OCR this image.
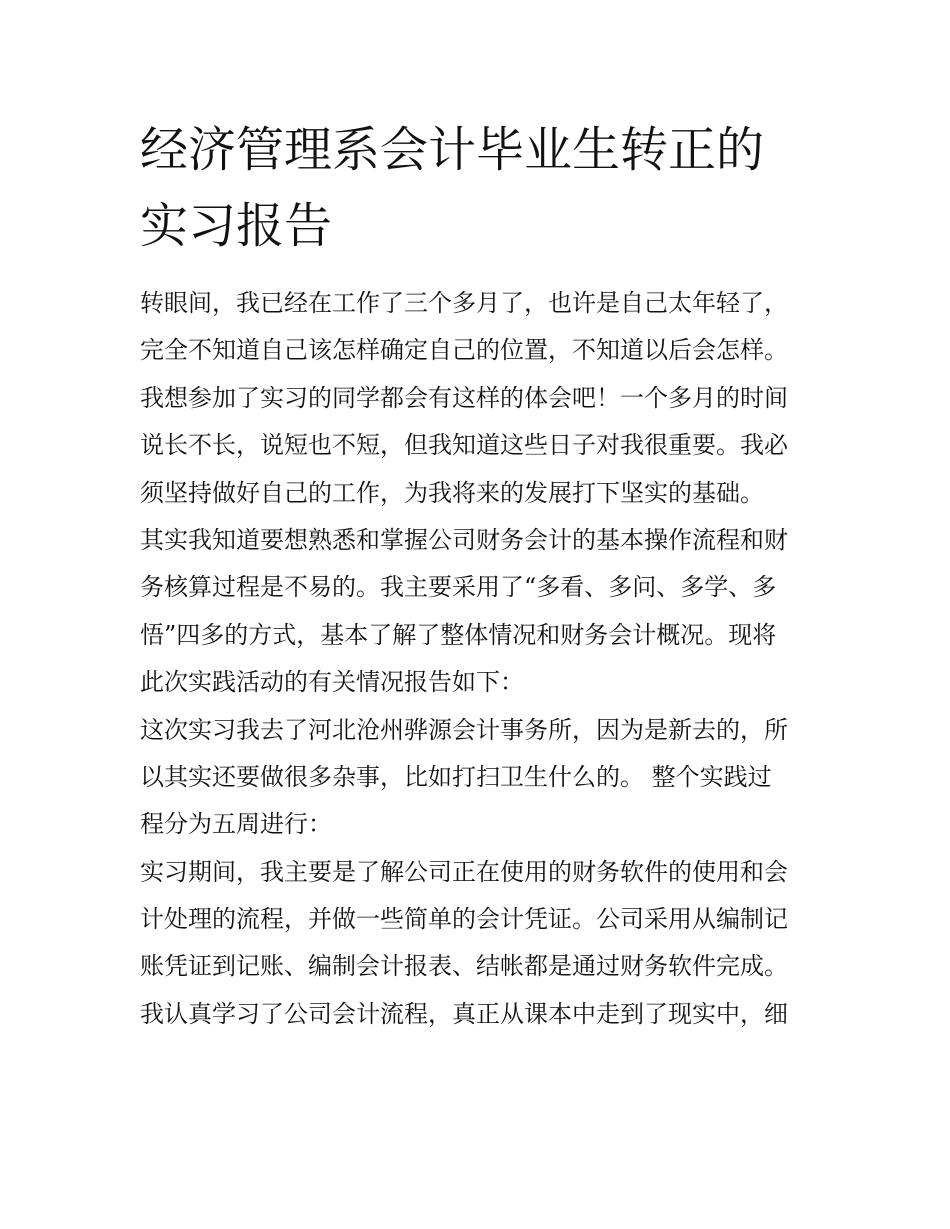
经济管理系会计毕业生转正的
实习报告
转眼间，我已经在工作了三个多月了，也许是自己太年轻了，
完全不知道自己该怎样确定自己的位置，不知道以后会怎样。
我想参加了实习的同学都会有这样的体会吧！一个多月的时间
说长不长，说短也不短，但我知道这些日子对我很重要。我必
须坚持做好自己的工作，为我将来的发展打下坚实的基础。
其实我知道要想熟悉和掌握公司财务会计的基本操作流程和财
务核算过程是不易的。我主要采用了“多看、多问、多学、多
悟”四多的方式，基本了解了整体情况和财务会计概况。现将
此次实践活动的有关情况报告如下：
这次实习我去了河北沧州骅源会计事务所，因为是新去的，所
以其实还要做很多杂事，比如打扫卫生什么的。 整个实践过
程分为五周进行：
实习期间，我主要是了解公司正在使用的财务软件的使用和会
计处理的流程，并做一些简单的会计凭证。公司采用从编制记
账凭证到记账、编制会计报表、结帐都是通过财务软件完成。
我认真学习了公司会计流程，真正从课本中走到了现实中，细
